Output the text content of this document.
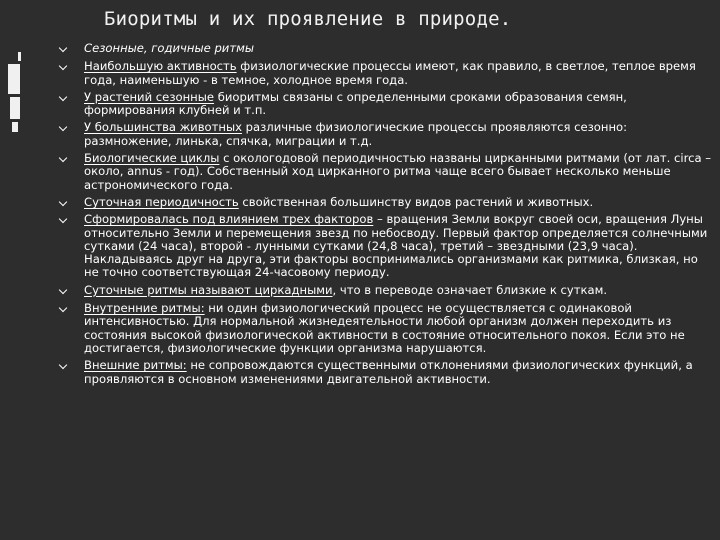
Биоритмы и их проявление в природе.
Сезонные, годичные ритмы
Наибольшую активность физиологические процессы имеют, как правило, в светлое, теплое время года, наименьшую - в темное, холодное время года.
У растений сезонные биоритмы связаны с определенными сроками образования семян, формирования клубней и т.п.
У большинства животных различные физиологические процессы проявляются сезонно: размножение, линька, спячка, миграции и т.д.
Биологические циклы с окологодовой периодичностью названы цирканными ритмами (от лат. circa – около, annus - год). Собственный ход цирканного ритма чаще всего бывает несколько меньше астрономического года.
Суточная периодичность свойственная большинству видов растений и животных.
Сформировалась под влиянием трех факторов – вращения Земли вокруг своей оси, вращения Луны относительно Земли и перемещения звезд по небосводу. Первый фактор определяется солнечными сутками (24 часа), второй - лунными сутками (24,8 часа), третий – звездными (23,9 часа). Накладываясь друг на друга, эти факторы воспринимались организмами как ритмика, близкая, но не точно соответствующая 24-часовому периоду.
Суточные ритмы называют циркадными, что в переводе означает близкие к суткам.
Внутренние ритмы: ни один физиологический процесс не осуществляется с одинаковой интенсивностью. Для нормальной жизнедеятельности любой организм должен переходить из состояния высокой физиологической активности в состояние относительного покоя. Если это не достигается, физиологические функции организма нарушаются.
Внешние ритмы: не сопровождаются существенными отклонениями физиологических функций, а проявляются в основном изменениями двигательной активности.
